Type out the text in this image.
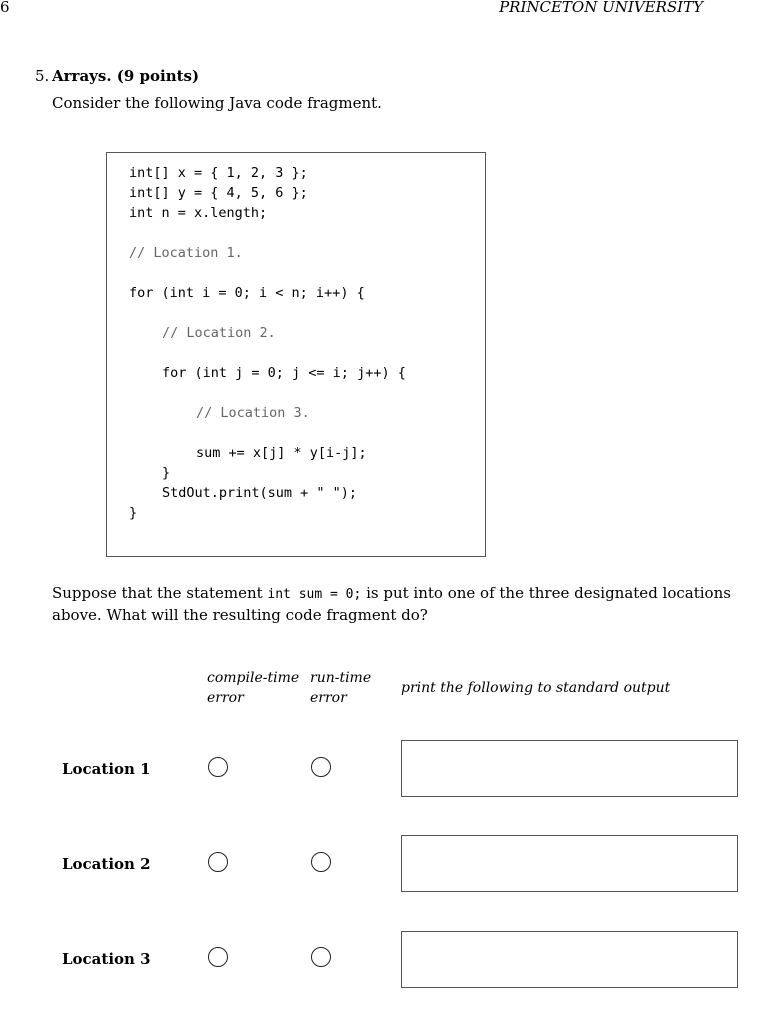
6	PRINCETON UNIVERSITY
5. Arrays. (9 points)
Consider the following Java code fragment.
int[] x = { 1, 2, 3 };
int[] y = { 4, 5, 6 };
int n = x.length;
// Location 1.
for (int i = 0; i < n; i++) {
// Location 2.
for (int j = 0; j <= i; j++) {
// Location 3.
sum += x[j] * y[i-j];
}
StdOut.print(sum + " ");
}
Suppose that the statement int sum = 0; is put into one of the three designated locations above. What will the resulting code fragment do?
compile-time
error
run-time
error
print the following to standard output
Location 1
Location 2
Location 3
